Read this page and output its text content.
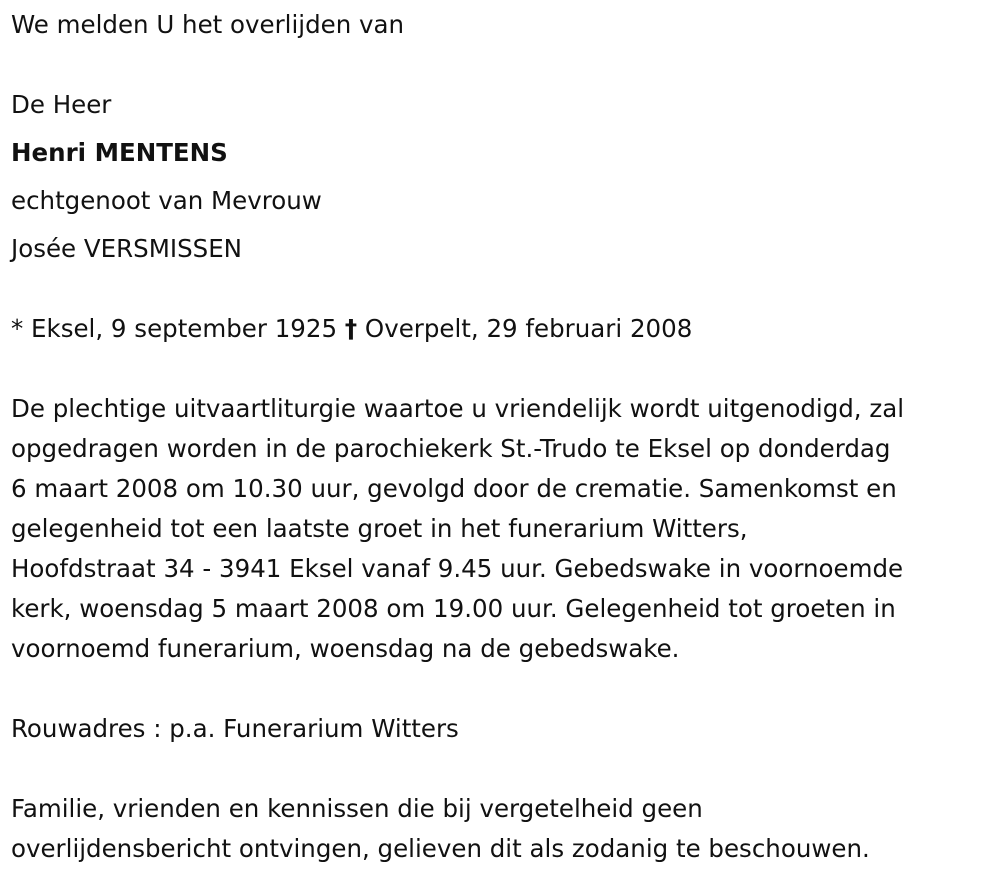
We melden U het overlijden van
De Heer
Henri MENTENS
echtgenoot van Mevrouw
Josée VERSMISSEN
* Eksel, 9 september 1925 † Overpelt, 29 februari 2008
De plechtige uitvaartliturgie waartoe u vriendelijk wordt uitgenodigd, zal
opgedragen worden in de parochiekerk St.-Trudo te Eksel op donderdag
6 maart 2008 om 10.30 uur, gevolgd door de crematie. Samenkomst en
gelegenheid tot een laatste groet in het funerarium Witters,
Hoofdstraat 34 - 3941 Eksel vanaf 9.45 uur. Gebedswake in voornoemde
kerk, woensdag 5 maart 2008 om 19.00 uur. Gelegenheid tot groeten in
voornoemd funerarium, woensdag na de gebedswake.
Rouwadres : p.a. Funerarium Witters
Familie, vrienden en kennissen die bij vergetelheid geen
overlijdensbericht ontvingen, gelieven dit als zodanig te beschouwen.
